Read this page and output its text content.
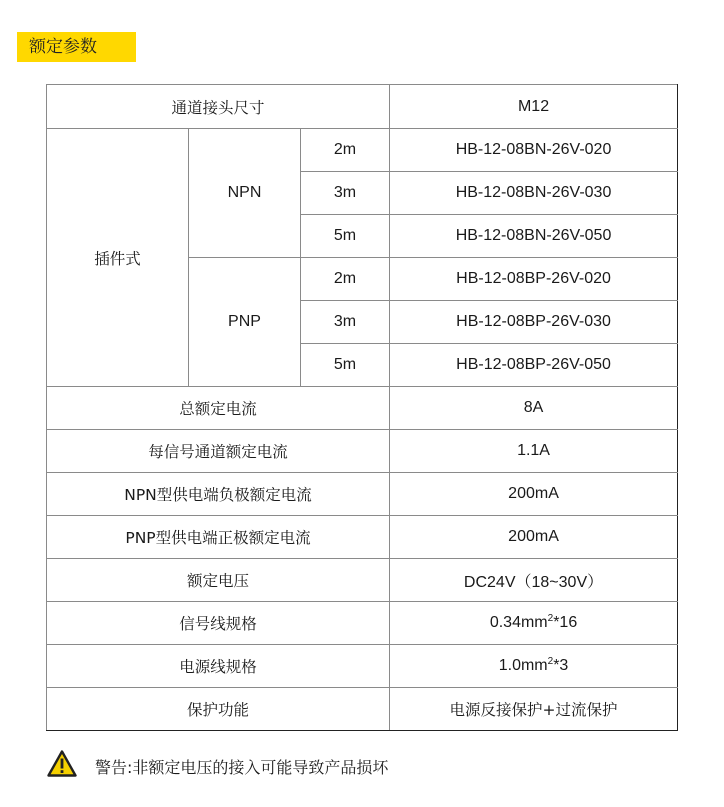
额定参数
通道接头尺寸			M12
插件式	NPN	2m	HB-12-08BN-26V-020
		3m	HB-12-08BN-26V-030
		5m	HB-12-08BN-26V-050
	PNP	2m	HB-12-08BP-26V-020
		3m	HB-12-08BP-26V-030
		5m	HB-12-08BP-26V-050
总额定电流			8A
每信号通道额定电流			1.1A
NPN型供电端负极额定电流			200mA
PNP型供电端正极额定电流			200mA
额定电压			DC24V（18~30V）
信号线规格			$0.34mm^2*16$
电源线规格			$1.0mm^2*3$
保护功能			电源反接保护+过流保护
警告:非额定电压的接入可能导致产品损坏
